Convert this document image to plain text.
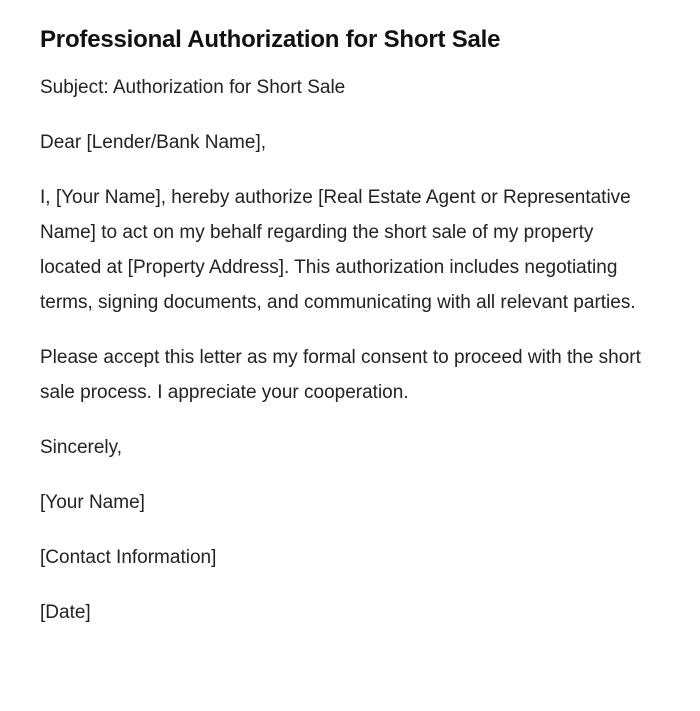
Professional Authorization for Short Sale

Subject: Authorization for Short Sale

Dear [Lender/Bank Name],

I, [Your Name], hereby authorize [Real Estate Agent or Representative Name] to act on my behalf regarding the short sale of my property located at [Property Address]. This authorization includes negotiating terms, signing documents, and communicating with all relevant parties.

Please accept this letter as my formal consent to proceed with the short sale process. I appreciate your cooperation.

Sincerely,

[Your Name]

[Contact Information]

[Date]
